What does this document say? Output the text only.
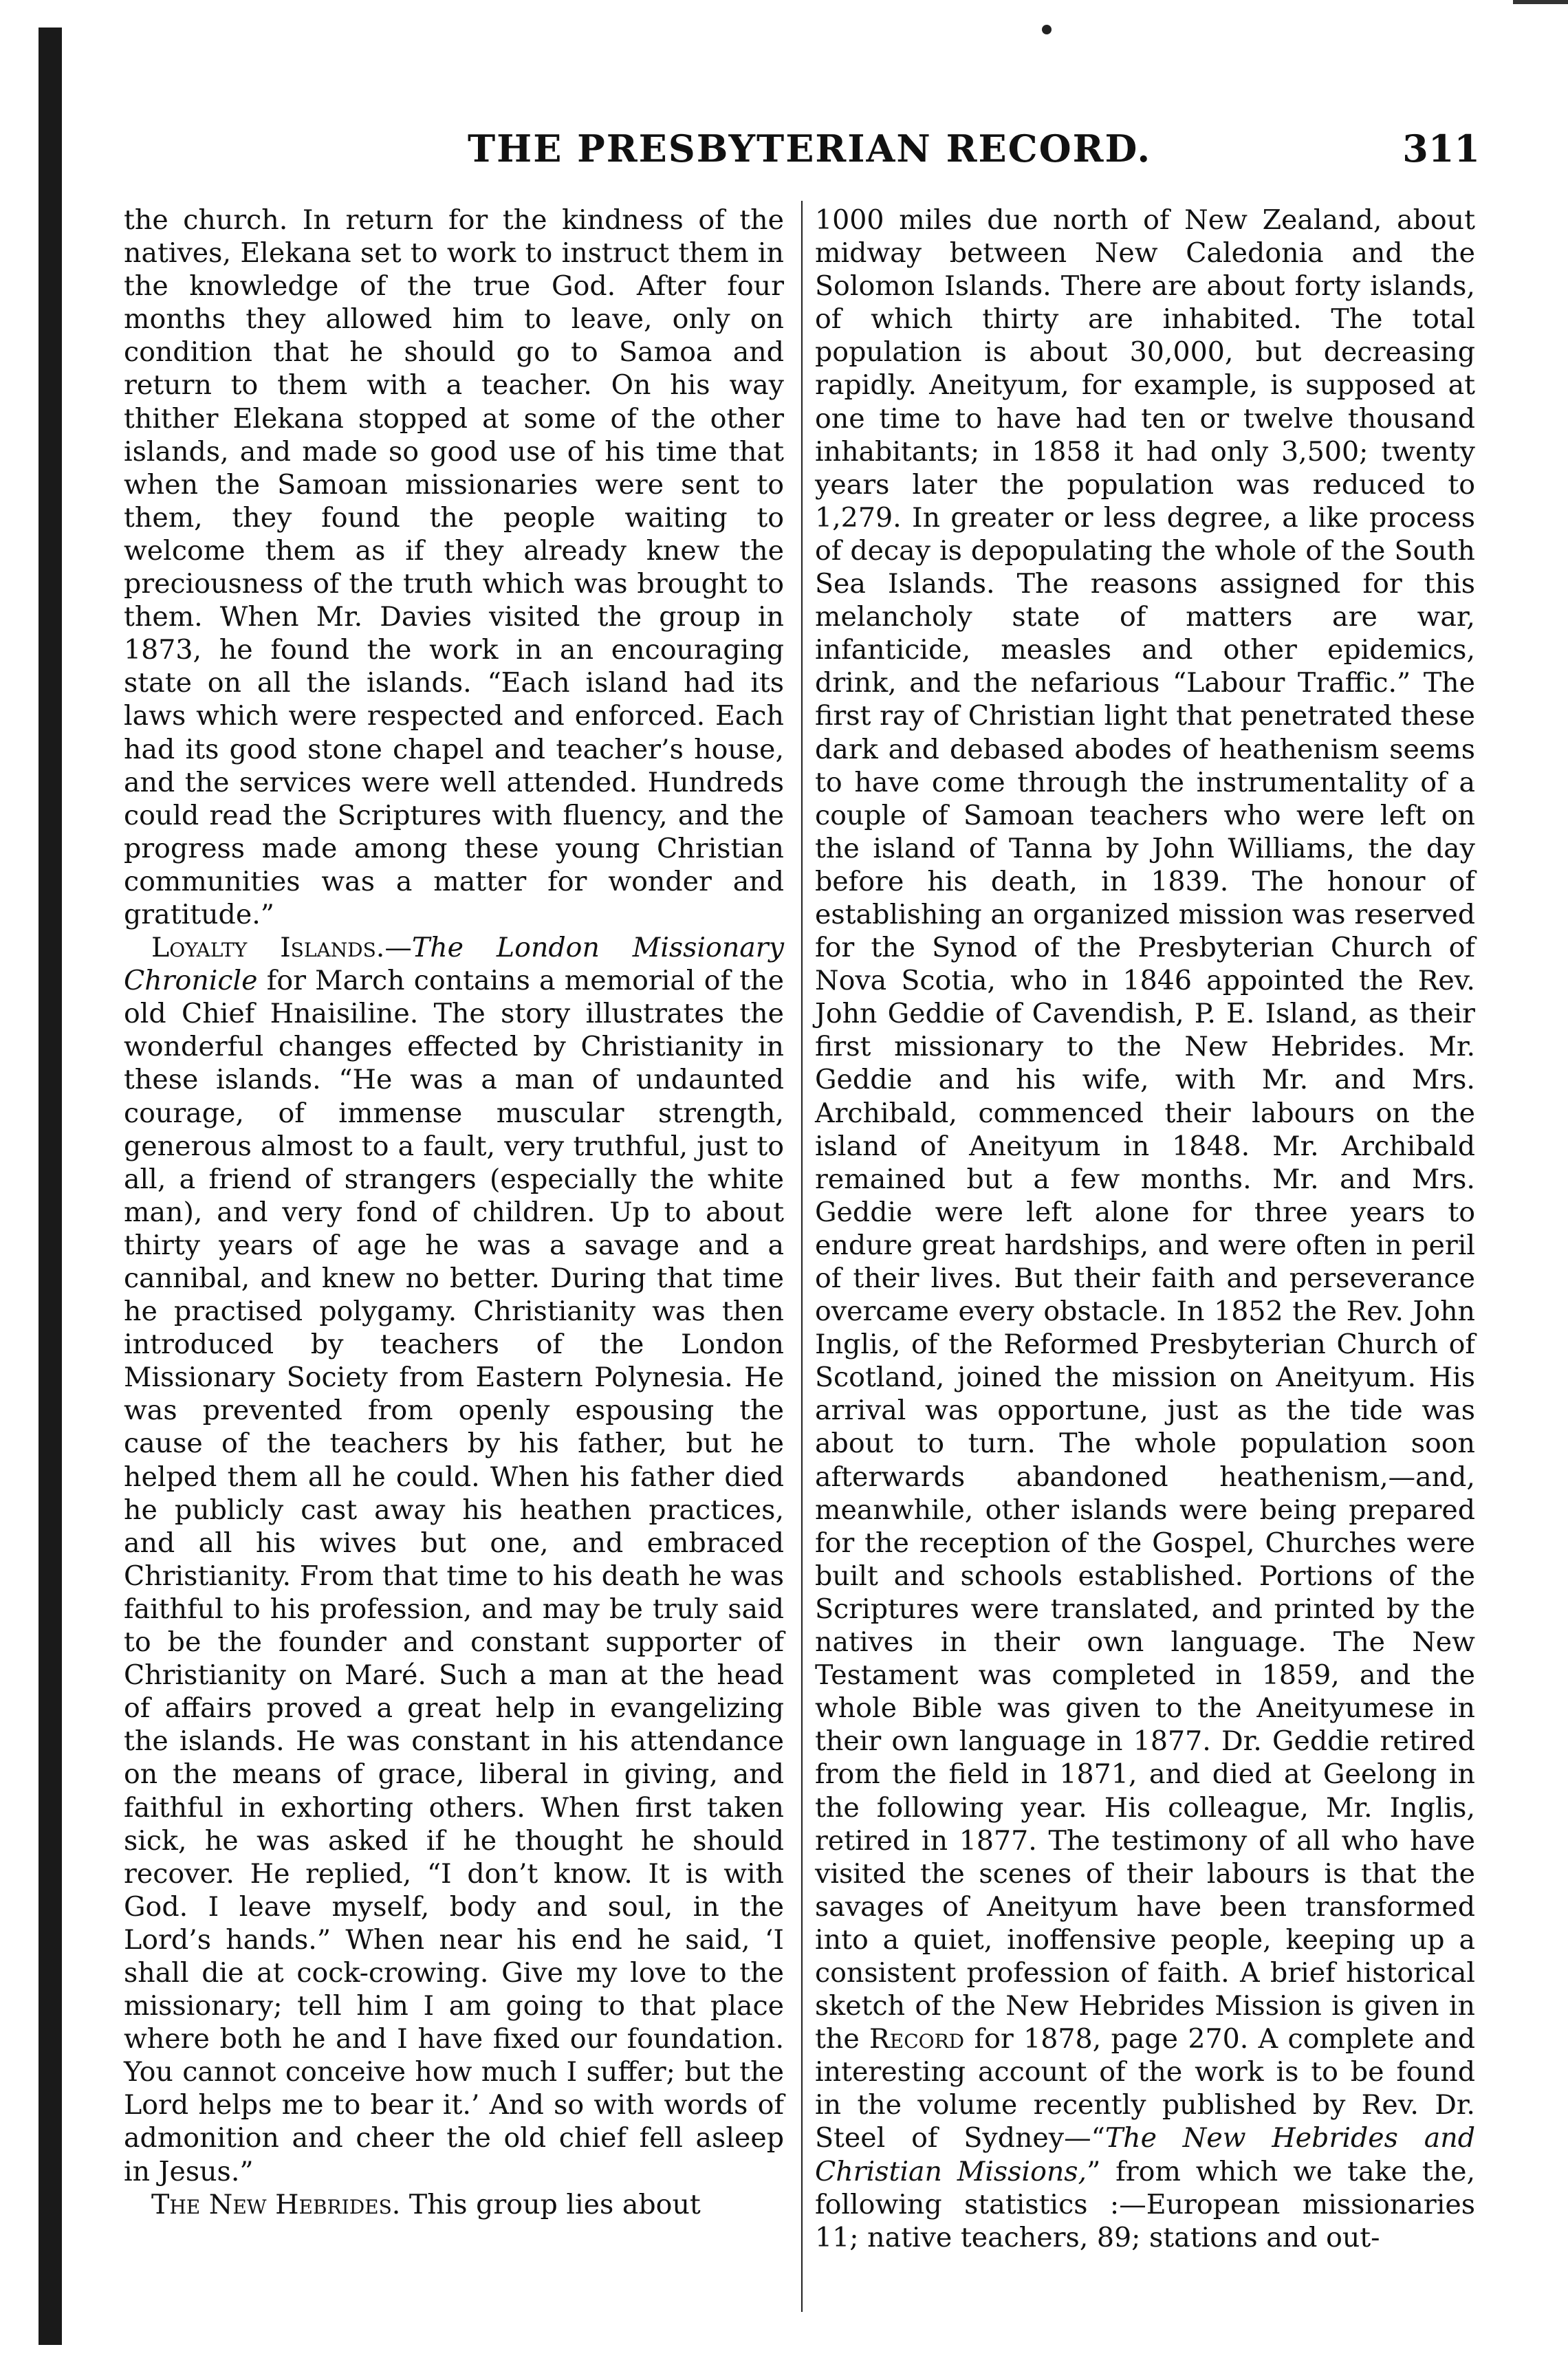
THE PRESBYTERIAN RECORD.	311

the church. In return for the kindness of the natives, Elekana set to work to instruct them in the knowledge of the true God. After four months they allowed him to leave, only on condition that he should go to Samoa and return to them with a teacher. On his way thither Elekana stopped at some of the other islands, and made so good use of his time that when the Samoan missionaries were sent to them, they found the people waiting to welcome them as if they already knew the preciousness of the truth which was brought to them. When Mr. Davies visited the group in 1873, he found the work in an encouraging state on all the islands. “Each island had its laws which were respected and enforced. Each had its good stone chapel and teacher’s house, and the services were well attended. Hundreds could read the Scriptures with fluency, and the progress made among these young Christian communities was a matter for wonder and gratitude.”

Loyalty Islands.—The London Missionary Chronicle for March contains a memorial of the old Chief Hnaisiline. The story illustrates the wonderful changes effected by Christianity in these islands. “He was a man of undaunted courage, of immense muscular strength, generous almost to a fault, very truthful, just to all, a friend of strangers (especially the white man), and very fond of children. Up to about thirty years of age he was a savage and a cannibal, and knew no better. During that time he practised polygamy. Christianity was then introduced by teachers of the London Missionary Society from Eastern Polynesia. He was prevented from openly espousing the cause of the teachers by his father, but he helped them all he could. When his father died he publicly cast away his heathen practices, and all his wives but one, and embraced Christianity. From that time to his death he was faithful to his profession, and may be truly said to be the founder and constant supporter of Christianity on Maré. Such a man at the head of affairs proved a great help in evangelizing the islands. He was constant in his attendance on the means of grace, liberal in giving, and faithful in exhorting others. When first taken sick, he was asked if he thought he should recover. He replied, “I don’t know. It is with God. I leave myself, body and soul, in the Lord’s hands.” When near his end he said, ‘I shall die at cock-crowing. Give my love to the missionary; tell him I am going to that place where both he and I have fixed our foundation. You cannot conceive how much I suffer; but the Lord helps me to bear it.’ And so with words of admonition and cheer the old chief fell asleep in Jesus.”

The New Hebrides. This group lies about

1000 miles due north of New Zealand, about midway between New Caledonia and the Solomon Islands. There are about forty islands, of which thirty are inhabited. The total population is about 30,000, but decreasing rapidly. Aneityum, for example, is supposed at one time to have had ten or twelve thousand inhabitants; in 1858 it had only 3,500; twenty years later the population was reduced to 1,279. In greater or less degree, a like process of decay is depopulating the whole of the South Sea Islands. The reasons assigned for this melancholy state of matters are war, infanticide, measles and other epidemics, drink, and the nefarious “Labour Traffic.” The first ray of Christian light that penetrated these dark and debased abodes of heathenism seems to have come through the instrumentality of a couple of Samoan teachers who were left on the island of Tanna by John Williams, the day before his death, in 1839. The honour of establishing an organized mission was reserved for the Synod of the Presbyterian Church of Nova Scotia, who in 1846 appointed the Rev. John Geddie of Cavendish, P. E. Island, as their first missionary to the New Hebrides. Mr. Geddie and his wife, with Mr. and Mrs. Archibald, commenced their labours on the island of Aneityum in 1848. Mr. Archibald remained but a few months. Mr. and Mrs. Geddie were left alone for three years to endure great hardships, and were often in peril of their lives. But their faith and perseverance overcame every obstacle. In 1852 the Rev. John Inglis, of the Reformed Presbyterian Church of Scotland, joined the mission on Aneityum. His arrival was opportune, just as the tide was about to turn. The whole population soon afterwards abandoned heathenism,—and, meanwhile, other islands were being prepared for the reception of the Gospel, Churches were built and schools established. Portions of the Scriptures were translated, and printed by the natives in their own language. The New Testament was completed in 1859, and the whole Bible was given to the Aneityumese in their own language in 1877. Dr. Geddie retired from the field in 1871, and died at Geelong in the following year. His colleague, Mr. Inglis, retired in 1877. The testimony of all who have visited the scenes of their labours is that the savages of Aneityum have been transformed into a quiet, inoffensive people, keeping up a consistent profession of faith. A brief historical sketch of the New Hebrides Mission is given in the Record for 1878, page 270. A complete and interesting account of the work is to be found in the volume recently published by Rev. Dr. Steel of Sydney—“The New Hebrides and Christian Missions,” from which we take the, following statistics :—European missionaries 11; native teachers, 89; stations and out-
